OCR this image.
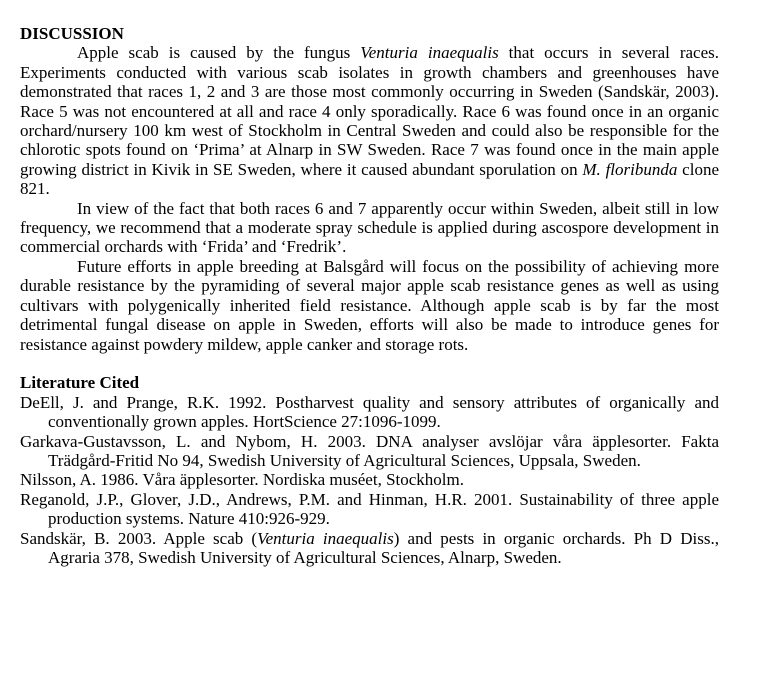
DISCUSSION

Apple scab is caused by the fungus Venturia inaequalis that occurs in several races. Experiments conducted with various scab isolates in growth chambers and greenhouses have demonstrated that races 1, 2 and 3 are those most commonly occurring in Sweden (Sandskär, 2003). Race 5 was not encountered at all and race 4 only sporadically. Race 6 was found once in an organic orchard/nursery 100 km west of Stockholm in Central Sweden and could also be responsible for the chlorotic spots found on ‘Prima’ at Alnarp in SW Sweden. Race 7 was found once in the main apple growing district in Kivik in SE Sweden, where it caused abundant sporulation on M. floribunda clone 821.

In view of the fact that both races 6 and 7 apparently occur within Sweden, albeit still in low frequency, we recommend that a moderate spray schedule is applied during ascospore development in commercial orchards with ‘Frida’ and ‘Fredrik’.

Future efforts in apple breeding at Balsgård will focus on the possibility of achieving more durable resistance by the pyramiding of several major apple scab resistance genes as well as using cultivars with polygenically inherited field resistance. Although apple scab is by far the most detrimental fungal disease on apple in Sweden, efforts will also be made to introduce genes for resistance against powdery mildew, apple canker and storage rots.

Literature Cited

DeEll, J. and Prange, R.K. 1992. Postharvest quality and sensory attributes of organically and conventionally grown apples. HortScience 27:1096-1099.

Garkava-Gustavsson, L. and Nybom, H. 2003. DNA analyser avslöjar våra äpplesorter. Fakta Trädgård-Fritid No 94, Swedish University of Agricultural Sciences, Uppsala, Sweden.

Nilsson, A. 1986. Våra äpplesorter. Nordiska muséet, Stockholm.

Reganold, J.P., Glover, J.D., Andrews, P.M. and Hinman, H.R. 2001. Sustainability of three apple production systems. Nature 410:926-929.

Sandskär, B. 2003. Apple scab (Venturia inaequalis) and pests in organic orchards. Ph D Diss., Agraria 378, Swedish University of Agricultural Sciences, Alnarp, Sweden.
